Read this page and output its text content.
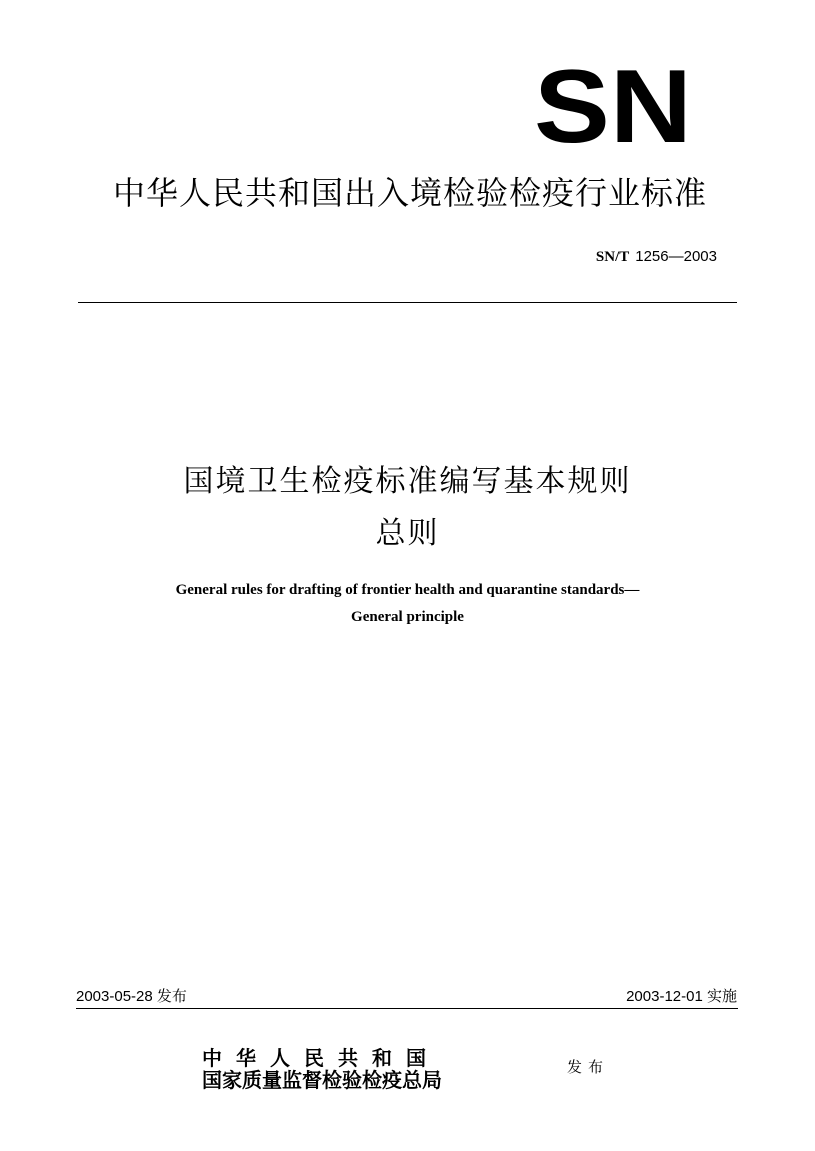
SN
中华人民共和国出入境检验检疫行业标准
SN/T 1256—2003
国境卫生检疫标准编写基本规则
总则
General rules for drafting of frontier health and quarantine standards—
General principle
2003-05-28 发布	2003-12-01 实施
中华人民共和国
国家质量监督检验检疫总局
发布
